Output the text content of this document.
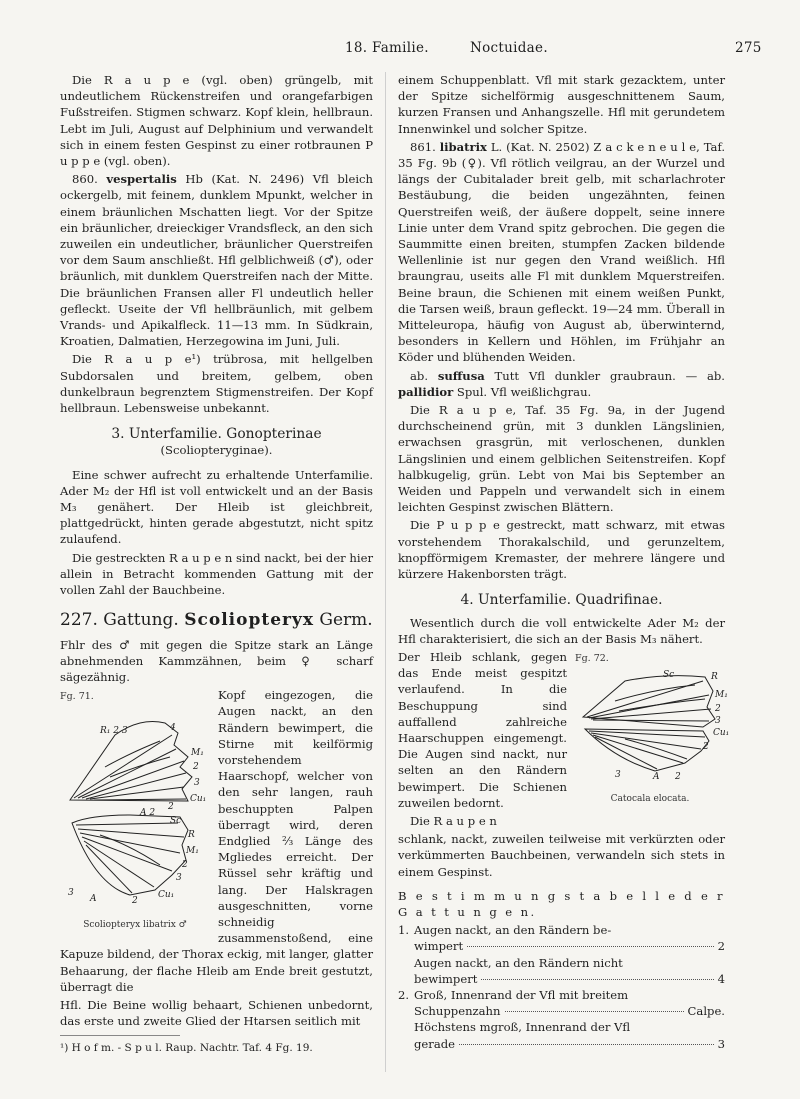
18. Familie.	Noctuidae.	275

Die R a u p e (vgl. oben) grüngelb, mit undeutlichem Rückenstreifen und orangefarbigen Fußstreifen. Stigmen schwarz. Kopf klein, hellbraun. Lebt im Juli, August auf Delphinium und verwandelt sich in einem festen Gespinst zu einer rotbraunen P u p p e (vgl. oben).

860. vespertalis Hb (Kat. N. 2496) Vfl bleich ockergelb, mit feinem, dunklem Mpunkt, welcher in einem bräunlichen Mschatten liegt. Vor der Spitze ein bräunlicher, dreieckiger Vrandsfleck, an den sich zuweilen ein undeutlicher, bräunlicher Querstreifen vor dem Saum anschließt. Hfl gelblichweiß (♂), oder bräunlich, mit dunklem Querstreifen nach der Mitte. Die bräunlichen Fransen aller Fl undeutlich heller gefleckt. Useite der Vfl hellbräunlich, mit gelbem Vrands- und Apikalfleck. 11—13 mm. In Südkrain, Kroatien, Dalmatien, Herzegowina im Juni, Juli.

Die R a u p e¹) trübrosa, mit hellgelben Subdorsalen und breitem, gelbem, oben dunkelbraun begrenztem Stigmenstreifen. Der Kopf hellbraun. Lebensweise unbekannt.

3. Unterfamilie. Gonopterinae
(Scoliopteryginae).

Eine schwer aufrecht zu erhaltende Unterfamilie. Ader M₂ der Hfl ist voll entwickelt und an der Basis M₃ genähert. Der Hleib ist gleichbreit, plattgedrückt, hinten gerade abgestutzt, nicht spitz zulaufend.

Die gestreckten R a u p e n sind nackt, bei der hier allein in Betracht kommenden Gattung mit der vollen Zahl der Bauchbeine.

227. Gattung. Scoliopteryx Germ.

Fhlr des ♂ mit gegen die Spitze stark an Länge abnehmenden Kammzähnen, beim ♀ scharf sägezähnig.

Fg. 71.
R₁ 2 3	4
M₁
2
3
Cu₁
2
A 2
Sc
R
M₁
2
3
Cu₁
3
A	2
Scoliopteryx libatrix ♂

Kopf eingezogen, die Augen nackt, an den Rändern bewimpert, die Stirne mit keilförmig vorstehendem Haarschopf, welcher von den sehr langen, rauh beschuppten Palpen überragt wird, deren Endglied ²⁄₃ Länge des Mgliedes erreicht. Der Rüssel sehr kräftig und lang. Der Halskragen ausgeschnitten, vorne schneidig zusammenstoßend, eine Kapuze bildend, der Thorax eckig, mit langer, glatter Behaarung, der flache Hleib am Ende breit gestutzt, überragt die

Hfl. Die Beine wollig behaart, Schienen unbedornt, das erste und zweite Glied der Htarsen seitlich mit

¹) H o f m. - S p u l. Raup. Nachtr. Taf. 4 Fg. 19.

einem Schuppenblatt. Vfl mit stark gezacktem, unter der Spitze sichelförmig ausgeschnittenem Saum, kurzen Fransen und Anhangszelle. Hfl mit gerundetem Innenwinkel und solcher Spitze.

861. libatrix L. (Kat. N. 2502) Z a c k e n e u l e, Taf. 35 Fg. 9b (♀). Vfl rötlich veilgrau, an der Wurzel und längs der Cubitalader breit gelb, mit scharlachroter Bestäubung, die beiden ungezähnten, feinen Querstreifen weiß, der äußere doppelt, seine innere Linie unter dem Vrand spitz gebrochen. Die gegen die Saummitte einen breiten, stumpfen Zacken bildende Wellenlinie ist nur gegen den Vrand weißlich. Hfl braungrau, useits alle Fl mit dunklem Mquerstreifen. Beine braun, die Schienen mit einem weißen Punkt, die Tarsen weiß, braun gefleckt. 19—24 mm. Überall in Mitteleuropa, häufig von August ab, überwinternd, besonders in Kellern und Höhlen, im Frühjahr an Köder und blühenden Weiden.

ab. suffusa Tutt Vfl dunkler graubraun. — ab. pallidior Spul. Vfl weißlichgrau.

Die R a u p e, Taf. 35 Fg. 9a, in der Jugend durchscheinend grün, mit 3 dunklen Längslinien, erwachsen grasgrün, mit verloschenen, dunklen Längslinien und einem gelblichen Seitenstreifen. Kopf halbkugelig, grün. Lebt von Mai bis September an Weiden und Pappeln und verwandelt sich in einem leichten Gespinst zwischen Blättern.

Die P u p p e gestreckt, matt schwarz, mit etwas vorstehendem Thorakalschild, und gerunzeltem, knopfförmigem Kremaster, der mehrere längere und kürzere Hakenborsten trägt.

4. Unterfamilie. Quadrifinae.

Wesentlich durch die voll entwickelte Ader M₂ der Hfl charakterisiert, die sich an der Basis M₃ nähert.

Fg. 72.
Sc	R
M₁
2
3
Cu₁
2
3	A 2
Catocala elocata.

Der Hleib schlank, gegen das Ende meist gespitzt verlaufend. In die Beschuppung sind auffallend zahlreiche Haarschuppen eingemengt. Die Augen sind nackt, nur selten an den Rändern bewimpert. Die Schienen zuweilen bedornt.

Die R a u p e n

schlank, nackt, zuweilen teilweise mit verkürzten oder verkümmerten Bauchbeinen, verwandeln sich stets in einem Gespinst.

B e s t i m m u n g s t a b e l l e d e r G a t t u n g e n.

1. Augen nackt, an den Rändern be-
wimpert	2
Augen nackt, an den Rändern nicht
bewimpert	4
2. Groß, Innenrand der Vfl mit breitem
Schuppenzahn	Calpe.
Höchstens mgroß, Innenrand der Vfl
gerade	3
